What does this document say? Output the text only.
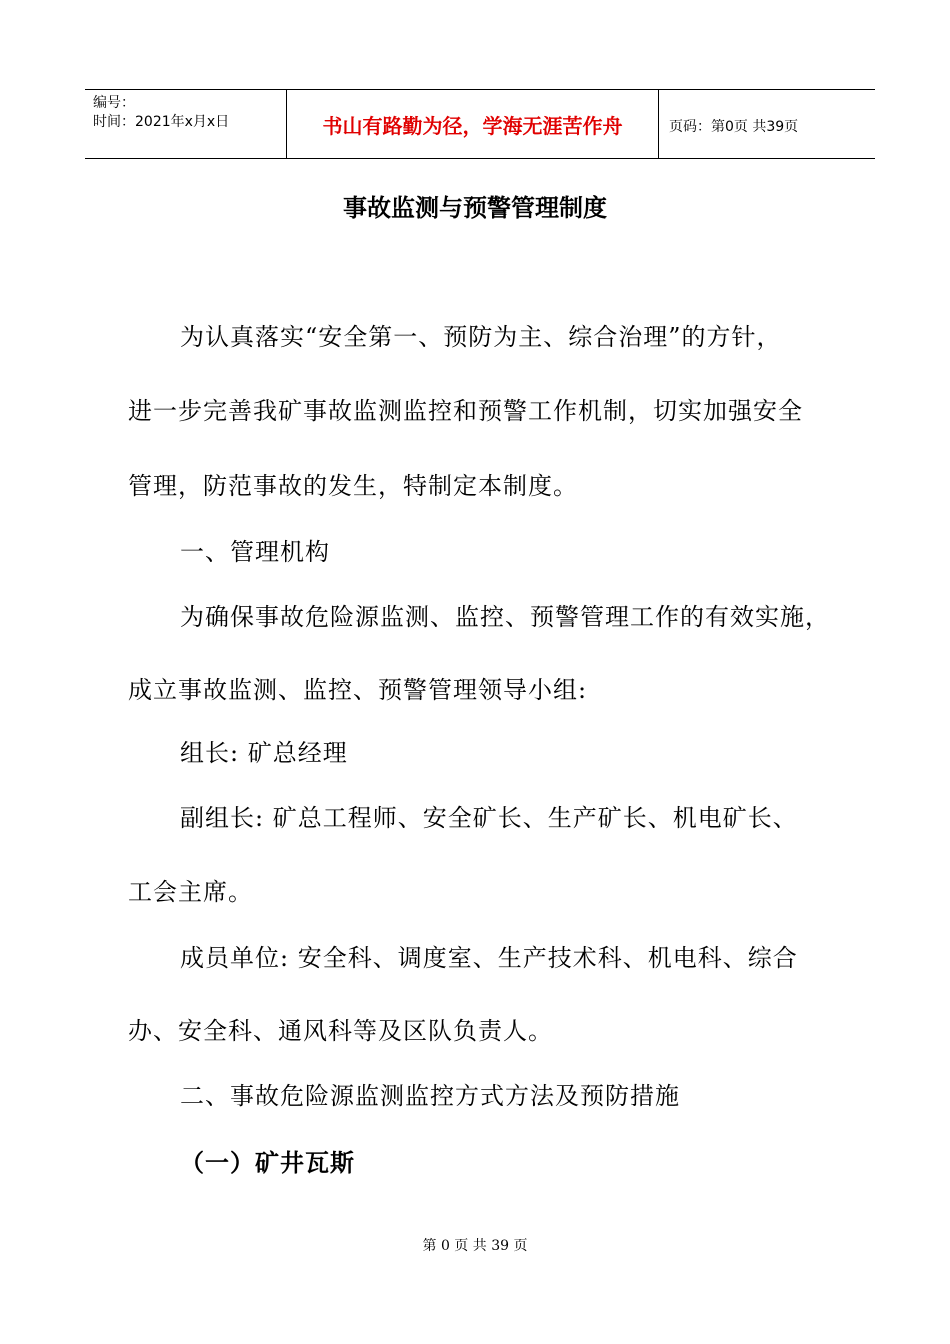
编号：
时间：2021年x月x日	书山有路勤为径，学海无涯苦作舟	页码：第0页 共39页
事故监测与预警管理制度
为认真落实“安全第一、预防为主、综合治理”的方针，
进一步完善我矿事故监测监控和预警工作机制，切实加强安全
管理，防范事故的发生，特制定本制度。
一、管理机构
为确保事故危险源监测、监控、预警管理工作的有效实施，
成立事故监测、监控、预警管理领导小组:
组长: 矿总经理
副组长: 矿总工程师、安全矿长、生产矿长、机电矿长、
工会主席。
成员单位: 安全科、调度室、生产技术科、机电科、综合
办、安全科、通风科等及区队负责人。
二、事故危险源监测监控方式方法及预防措施
（一）矿井瓦斯
第 0 页 共 39 页
